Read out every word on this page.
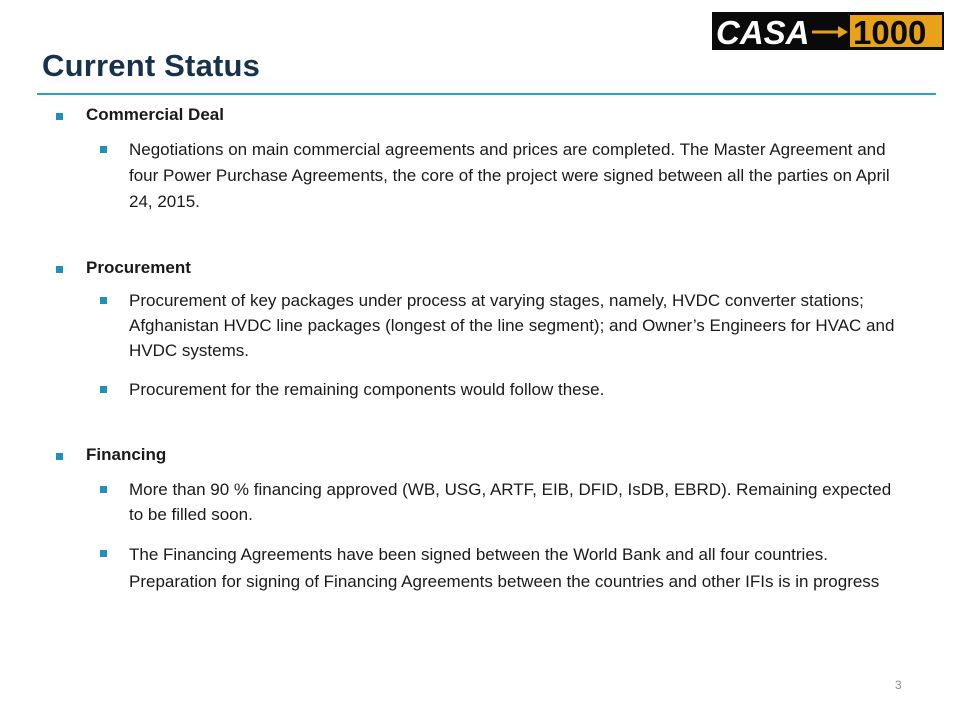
CASA 1000
Current Status
Commercial Deal
Negotiations on main commercial agreements and prices are completed. The Master Agreement and four Power Purchase Agreements, the core of the project were signed between all the parties on April 24, 2015.
Procurement
Procurement of key packages under process at varying stages, namely, HVDC converter stations; Afghanistan HVDC line packages (longest of the line segment); and Owner’s Engineers for HVAC and HVDC systems.
Procurement for the remaining components would follow these.
Financing
More than 90 % financing approved (WB, USG, ARTF, EIB, DFID, IsDB, EBRD). Remaining expected to be filled soon.
The Financing Agreements have been signed between the World Bank and all four countries. Preparation for signing of Financing Agreements between the countries and other IFIs is in progress
3
